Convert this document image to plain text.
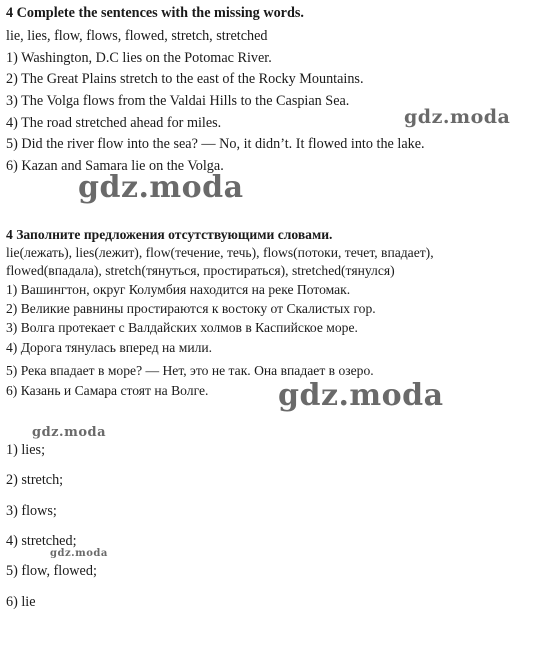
4 Complete the sentences with the missing words.
lie, lies, flow, flows, flowed, stretch, stretched
1) Washington, D.C lies on the Potomac River.
2) The Great Plains stretch to the east of the Rocky Mountains.
3) The Volga flows from the Valdai Hills to the Caspian Sea.
4) The road stretched ahead for miles.
5) Did the river flow into the sea? — No, it didn’t. It flowed into the lake.
6) Kazan and Samara lie on the Volga.
4 Заполните предложения отсутствующими словами.
lie(лежать), lies(лежит), flow(течение, течь), flows(потоки, течет, впадает),
flowed(впадала), stretch(тянуться, простираться), stretched(тянулся)
1) Вашингтон, округ Колумбия находится на реке Потомак.
2) Великие равнины простираются к востоку от Скалистых гор.
3) Волга протекает с Валдайских холмов в Каспийское море.
4) Дорога тянулась вперед на мили.
5) Река впадает в море? — Нет, это не так. Она впадает в озеро.
6) Казань и Самара стоят на Волге.
1) lies;
2) stretch;
3) flows;
4) stretched;
5) flow, flowed;
6) lie
gdz.moda
gdz.moda
gdz.moda
gdz.moda
gdz.moda
